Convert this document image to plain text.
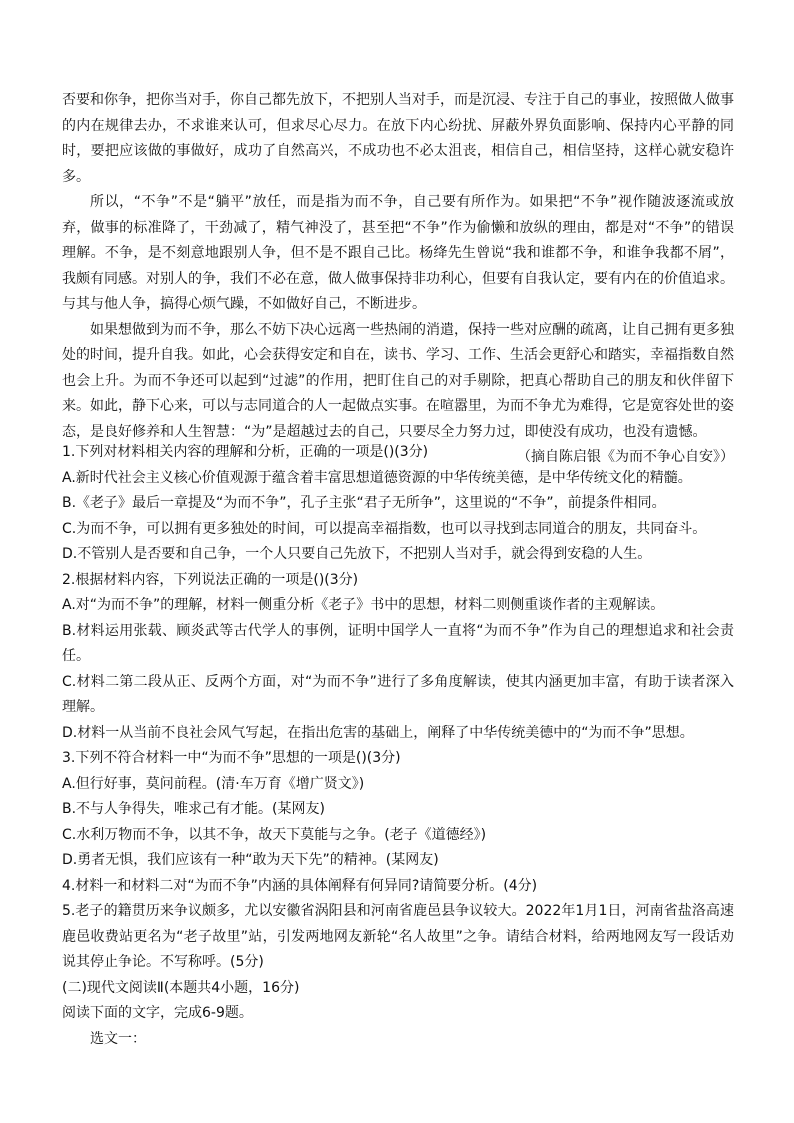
否要和你争，把你当对手，你自己都先放下，不把别人当对手，而是沉浸、专注于自己的事业，按照做人做事的内在规律去办，不求谁来认可，但求尽心尽力。在放下内心纷扰、屏蔽外界负面影响、保持内心平静的同时，要把应该做的事做好，成功了自然高兴，不成功也不必太沮丧，相信自己，相信坚持，这样心就安稳许多。

所以，“不争”不是“躺平”放任，而是指为而不争，自己要有所作为。如果把“不争”视作随波逐流或放弃，做事的标准降了，干劲减了，精气神没了，甚至把“不争”作为偷懒和放纵的理由，都是对“不争”的错误理解。不争，是不刻意地跟别人争，但不是不跟自己比。杨绛先生曾说“我和谁都不争，和谁争我都不屑”，我颇有同感。对别人的争，我们不必在意，做人做事保持非功利心，但要有自我认定，要有内在的价值追求。与其与他人争，搞得心烦气躁，不如做好自己，不断进步。

如果想做到为而不争，那么不妨下决心远离一些热闹的消遣，保持一些对应酬的疏离，让自己拥有更多独处的时间，提升自我。如此，心会获得安定和自在，读书、学习、工作、生活会更舒心和踏实，幸福指数自然也会上升。为而不争还可以起到“过滤”的作用，把盯住自己的对手剔除，把真心帮助自己的朋友和伙伴留下来。如此，静下心来，可以与志同道合的人一起做点实事。在喧嚣里，为而不争尤为难得，它是宽容处世的姿态，是良好修养和人生智慧：“为”是超越过去的自己，只要尽全力努力过，即使没有成功，也没有遗憾。

（摘自陈启银《为而不争心自安》）

1.下列对材料相关内容的理解和分析，正确的一项是()(3分)

A.新时代社会主义核心价值观源于蕴含着丰富思想道德资源的中华传统美德，是中华传统文化的精髓。

B.《老子》最后一章提及“为而不争”，孔子主张“君子无所争”，这里说的“不争”，前提条件相同。

C.为而不争，可以拥有更多独处的时间，可以提高幸福指数，也可以寻找到志同道合的朋友，共同奋斗。

D.不管别人是否要和自己争，一个人只要自己先放下，不把别人当对手，就会得到安稳的人生。

2.根据材料内容，下列说法正确的一项是()(3分)

A.对“为而不争”的理解，材料一侧重分析《老子》书中的思想，材料二则侧重谈作者的主观解读。

B.材料运用张载、顾炎武等古代学人的事例，证明中国学人一直将“为而不争”作为自己的理想追求和社会责任。

C.材料二第二段从正、反两个方面，对“为而不争”进行了多角度解读，使其内涵更加丰富，有助于读者深入理解。

D.材料一从当前不良社会风气写起，在指出危害的基础上，阐释了中华传统美德中的“为而不争”思想。

3.下列不符合材料一中“为而不争”思想的一项是()(3分)

A.但行好事，莫问前程。(清·车万育《增广贤文》)

B.不与人争得失，唯求己有才能。(某网友)

C.水利万物而不争，以其不争，故天下莫能与之争。(老子《道德经》)

D.勇者无惧，我们应该有一种“敢为天下先”的精神。(某网友)

4.材料一和材料二对“为而不争”内涵的具体阐释有何异同?请简要分析。(4分)

5.老子的籍贯历来争议颇多，尤以安徽省涡阳县和河南省鹿邑县争议较大。2022年1月1日，河南省盐洛高速鹿邑收费站更名为“老子故里”站，引发两地网友新轮“名人故里”之争。请结合材料，给两地网友写一段话劝说其停止争论。不写称呼。(5分)

(二)现代文阅读Ⅱ(本题共4小题，16分)

阅读下面的文字，完成6-9题。

选文一：
